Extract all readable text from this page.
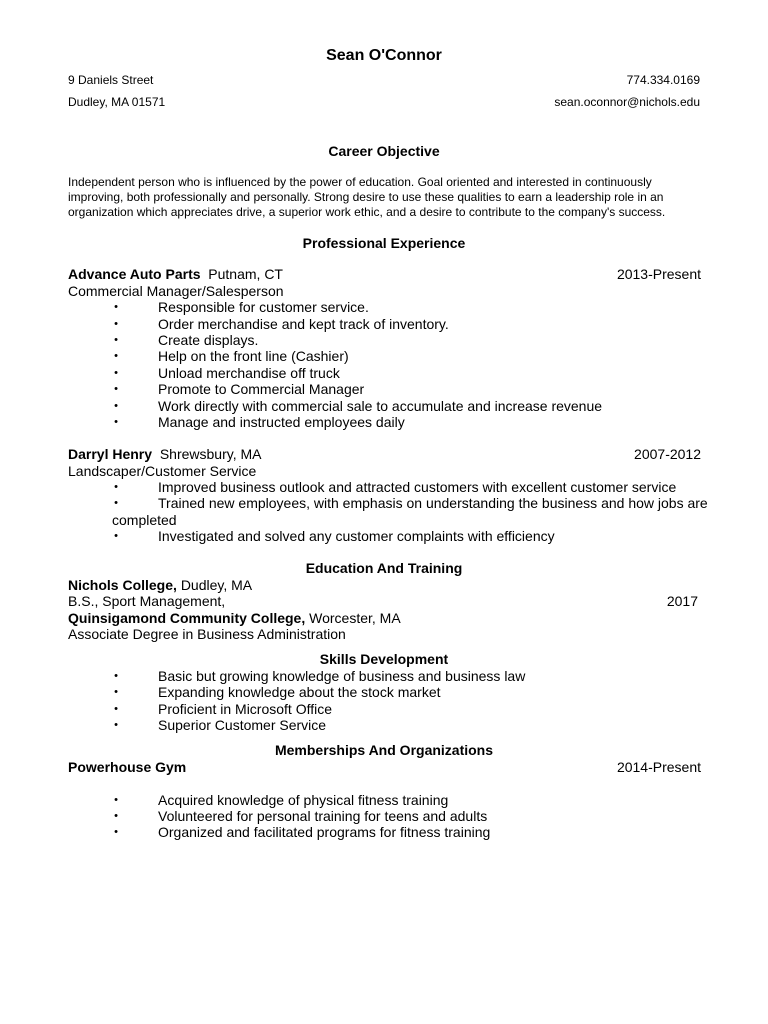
Sean O'Connor
9 Daniels Street
Dudley, MA 01571
774.334.0169
sean.oconnor@nichols.edu
Career Objective
Independent person who is influenced by the power of education. Goal oriented and interested in continuously improving, both professionally and personally. Strong desire to use these qualities to earn a leadership role in an organization which appreciates drive, a superior work ethic, and a desire to contribute to the company's success.
Professional Experience
Advance Auto Parts Putnam, CT	2013-Present
Commercial Manager/Salesperson
•	Responsible for customer service.
•	Order merchandise and kept track of inventory.
•	Create displays.
•	Help on the front line (Cashier)
•	Unload merchandise off truck
•	Promote to Commercial Manager
•	Work directly with commercial sale to accumulate and increase revenue
•	Manage and instructed employees daily
Darryl Henry Shrewsbury, MA	2007-2012
Landscaper/Customer Service
•	Improved business outlook and attracted customers with excellent customer service
•	Trained new employees, with emphasis on understanding the business and how jobs are
completed
•	Investigated and solved any customer complaints with efficiency
Education And Training
Nichols College, Dudley, MA
B.S., Sport Management,	2017
Quinsigamond Community College, Worcester, MA
Associate Degree in Business Administration
Skills Development
•	Basic but growing knowledge of business and business law
•	Expanding knowledge about the stock market
•	Proficient in Microsoft Office
•	Superior Customer Service
Memberships And Organizations
Powerhouse Gym	2014-Present
•	Acquired knowledge of physical fitness training
•	Volunteered for personal training for teens and adults
•	Organized and facilitated programs for fitness training
